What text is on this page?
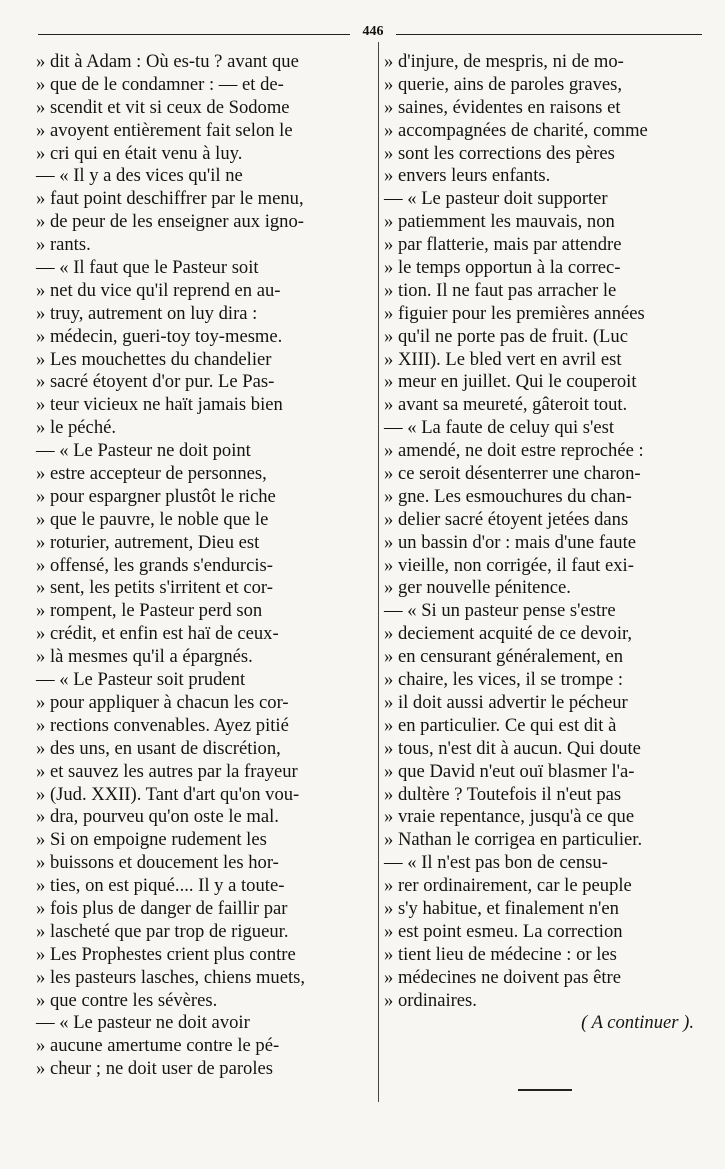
446
» dit à Adam : Où es-tu ? avant que
» que de le condamner : — et de-
» scendit et vit si ceux de Sodome
» avoyent entièrement fait selon le
» cri qui en était venu à luy.
— « Il y a des vices qu'il ne
» faut point deschiffrer par le menu,
» de peur de les enseigner aux igno-
» rants.
— « Il faut que le Pasteur soit
» net du vice qu'il reprend en au-
» truy, autrement on luy dira :
» médecin, gueri-toy toy-mesme.
» Les mouchettes du chandelier
» sacré étoyent d'or pur. Le Pas-
» teur vicieux ne haït jamais bien
» le péché.
— « Le Pasteur ne doit point
» estre accepteur de personnes,
» pour espargner plustôt le riche
» que le pauvre, le noble que le
» roturier, autrement, Dieu est
» offensé, les grands s'endurcis-
» sent, les petits s'irritent et cor-
» rompent, le Pasteur perd son
» crédit, et enfin est haï de ceux-
» là mesmes qu'il a épargnés.
— « Le Pasteur soit prudent
» pour appliquer à chacun les cor-
» rections convenables. Ayez pitié
» des uns, en usant de discrétion,
» et sauvez les autres par la frayeur
» (Jud. XXII). Tant d'art qu'on vou-
» dra, pourveu qu'on oste le mal.
» Si on empoigne rudement les
» buissons et doucement les hor-
» ties, on est piqué.... Il y a toute-
» fois plus de danger de faillir par
» lascheté que par trop de rigueur.
» Les Prophestes crient plus contre
» les pasteurs lasches, chiens muets,
» que contre les sévères.
— « Le pasteur ne doit avoir
» aucune amertume contre le pé-
» cheur ; ne doit user de paroles
» d'injure, de mespris, ni de mo-
» querie, ains de paroles graves,
» saines, évidentes en raisons et
» accompagnées de charité, comme
» sont les corrections des pères
» envers leurs enfants.
— « Le pasteur doit supporter
» patiemment les mauvais, non
» par flatterie, mais par attendre
» le temps opportun à la correc-
» tion. Il ne faut pas arracher le
» figuier pour les premières années
» qu'il ne porte pas de fruit. (Luc
» XIII). Le bled vert en avril est
» meur en juillet. Qui le couperoit
» avant sa meureté, gâteroit tout.
— « La faute de celuy qui s'est
» amendé, ne doit estre reprochée :
» ce seroit désenterrer une charon-
» gne. Les esmouchures du chan-
» delier sacré étoyent jetées dans
» un bassin d'or : mais d'une faute
» vieille, non corrigée, il faut exi-
» ger nouvelle pénitence.
— « Si un pasteur pense s'estre
» deciement acquité de ce devoir,
» en censurant généralement, en
» chaire, les vices, il se trompe :
» il doit aussi advertir le pécheur
» en particulier. Ce qui est dit à
» tous, n'est dit à aucun. Qui doute
» que David n'eut ouï blasmer l'a-
» dultère ? Toutefois il n'eut pas
» vraie repentance, jusqu'à ce que
» Nathan le corrigea en particulier.
— « Il n'est pas bon de censu-
» rer ordinairement, car le peuple
» s'y habitue, et finalement n'en
» est point esmeu. La correction
» tient lieu de médecine : or les
» médecines ne doivent pas être
» ordinaires.
( A continuer ).
